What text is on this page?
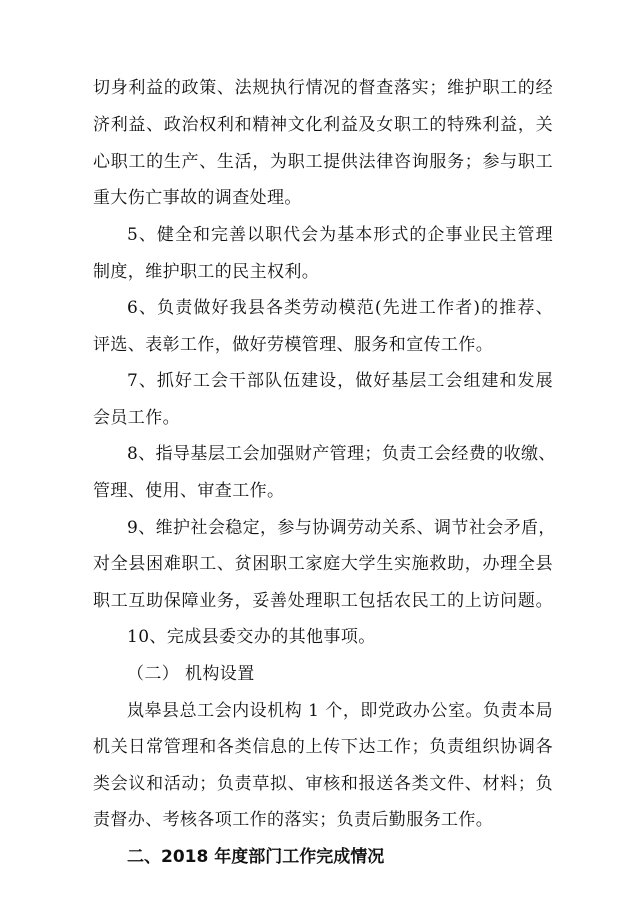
切身利益的政策、法规执行情况的督查落实；维护职工的经
济利益、政治权利和精神文化利益及女职工的特殊利益，关
心职工的生产、生活，为职工提供法律咨询服务；参与职工
重大伤亡事故的调查处理。
5、健全和完善以职代会为基本形式的企事业民主管理
制度，维护职工的民主权利。
6、负责做好我县各类劳动模范(先进工作者)的推荐、
评选、表彰工作，做好劳模管理、服务和宣传工作。
7、抓好工会干部队伍建设，做好基层工会组建和发展
会员工作。
8、指导基层工会加强财产管理；负责工会经费的收缴、
管理、使用、审查工作。
9、维护社会稳定，参与协调劳动关系、调节社会矛盾，
对全县困难职工、贫困职工家庭大学生实施救助，办理全县
职工互助保障业务，妥善处理职工包括农民工的上访问题。
10、完成县委交办的其他事项。
（二） 机构设置
岚皋县总工会内设机构 1 个，即党政办公室。负责本局
机关日常管理和各类信息的上传下达工作；负责组织协调各
类会议和活动；负责草拟、审核和报送各类文件、材料；负
责督办、考核各项工作的落实；负责后勤服务工作。
二、2018 年度部门工作完成情况
